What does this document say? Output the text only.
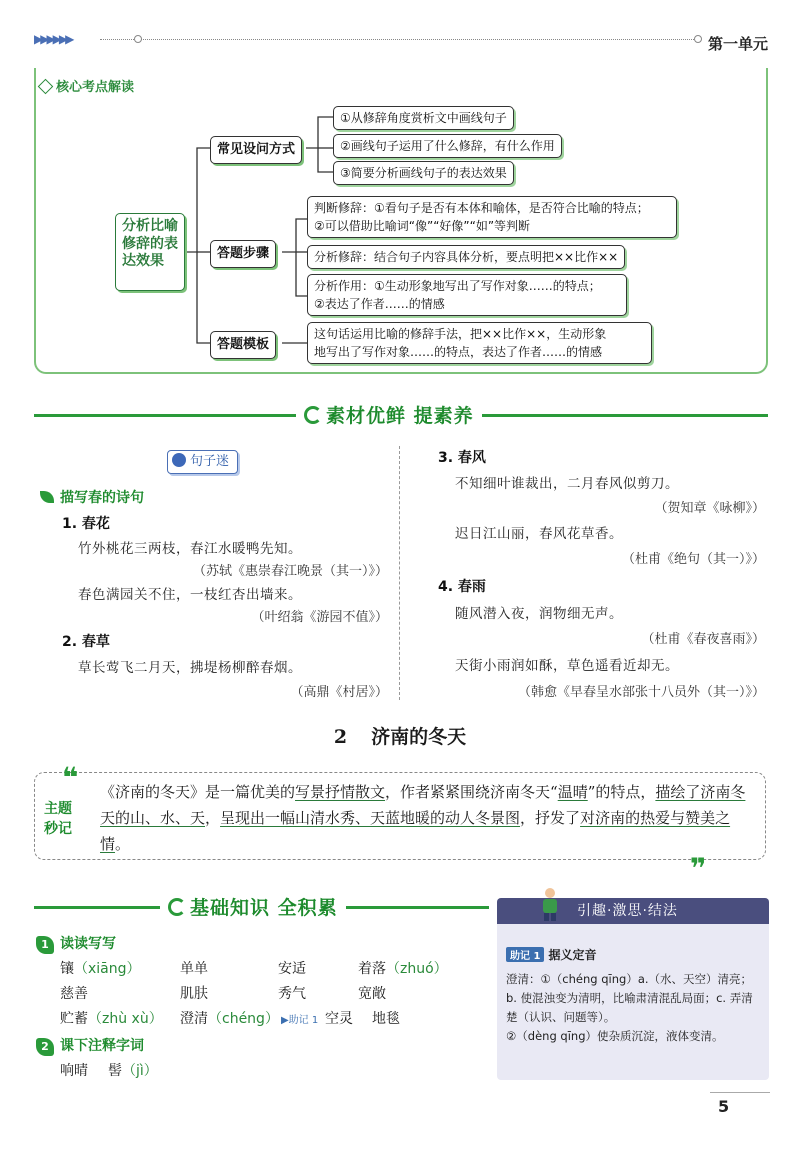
▶▶▶▶▶▶	第一单元
核心考点解读
分析比喻修辞的表达效果
常见设问方式
答题步骤
答题模板
①从修辞角度赏析文中画线句子
②画线句子运用了什么修辞，有什么作用
③简要分析画线句子的表达效果
判断修辞：①看句子是否有本体和喻体，是否符合比喻的特点；
②可以借助比喻词“像”“好像”“如”等判断
分析修辞：结合句子内容具体分析，要点明把××比作××
分析作用：①生动形象地写出了写作对象……的特点；
②表达了作者……的情感
这句话运用比喻的修辞手法，把××比作××，生动形象
地写出了写作对象……的特点，表达了作者……的情感
素材优鲜 提素养
句子迷
描写春的诗句
1. 春花
竹外桃花三两枝，春江水暖鸭先知。
（苏轼《惠崇春江晚景（其一）》）
春色满园关不住，一枝红杏出墙来。
（叶绍翁《游园不值》）
2. 春草
草长莺飞二月天，拂堤杨柳醉春烟。
（高鼎《村居》）
3. 春风
不知细叶谁裁出，二月春风似剪刀。
（贺知章《咏柳》）
迟日江山丽，春风花草香。
（杜甫《绝句（其一）》）
4. 春雨
随风潜入夜，润物细无声。
（杜甫《春夜喜雨》）
天街小雨润如酥，草色遥看近却无。
（韩愈《早春呈水部张十八员外（其一）》）
2 济南的冬天
❝
❞
主题
秒记
《济南的冬天》是一篇优美的写景抒情散文，作者紧紧围绕济南冬天“温晴”的特点，描绘了济南冬天的山、水、天，呈现出一幅山清水秀、天蓝地暖的动人冬景图，抒发了对济南的热爱与赞美之情。
基础知识 全积累
1 读读写写
镶（xiāng）	单单	安适	着落（zhuó）
慈善	肌肤	秀气	宽敞
贮蓄（zhù xù） 澄清（chéng） ▶助记 1 空灵 地毯
2 课下注释字词
响晴 髻（jì）
引趣·激思·结法
助记 1 据义定音
澄清：①（chéng qīng）a.（水、天空）清亮；b. 使混浊变为清明，比喻肃清混乱局面；c. 弄清楚（认识、问题等）。
②（dèng qīng）使杂质沉淀，液体变清。
5
